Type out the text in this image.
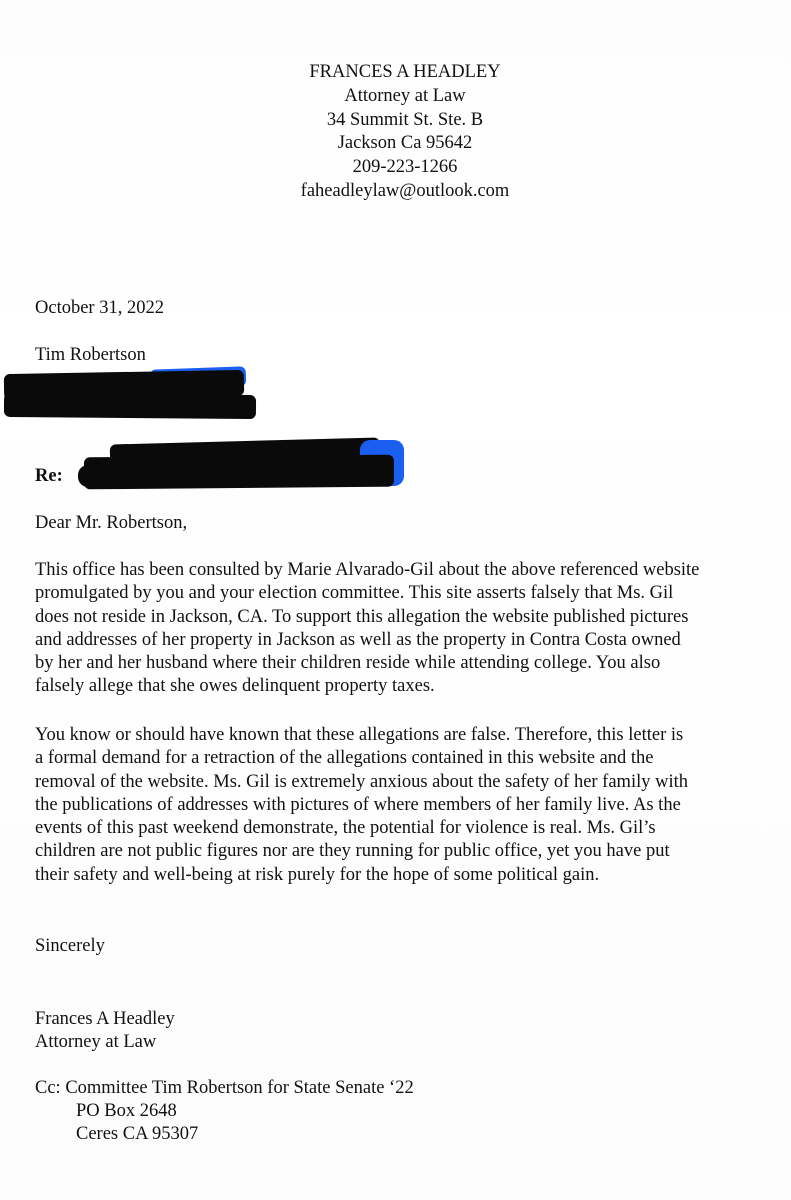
FRANCES A HEADLEY
Attorney at Law
34 Summit St. Ste. B
Jackson Ca 95642
209-223-1266
faheadleylaw@outlook.com
October 31, 2022
Tim Robertson
Re:
Dear Mr. Robertson,
This office has been consulted by Marie Alvarado-Gil about the above referenced website
promulgated by you and your election committee. This site asserts falsely that Ms. Gil
does not reside in Jackson, CA. To support this allegation the website published pictures
and addresses of her property in Jackson as well as the property in Contra Costa owned
by her and her husband where their children reside while attending college. You also
falsely allege that she owes delinquent property taxes.
You know or should have known that these allegations are false. Therefore, this letter is
a formal demand for a retraction of the allegations contained in this website and the
removal of the website. Ms. Gil is extremely anxious about the safety of her family with
the publications of addresses with pictures of where members of her family live. As the
events of this past weekend demonstrate, the potential for violence is real. Ms. Gil’s
children are not public figures nor are they running for public office, yet you have put
their safety and well-being at risk purely for the hope of some political gain.
Sincerely
Frances A Headley
Attorney at Law
Cc: Committee Tim Robertson for State Senate ‘22
PO Box 2648
Ceres CA 95307
